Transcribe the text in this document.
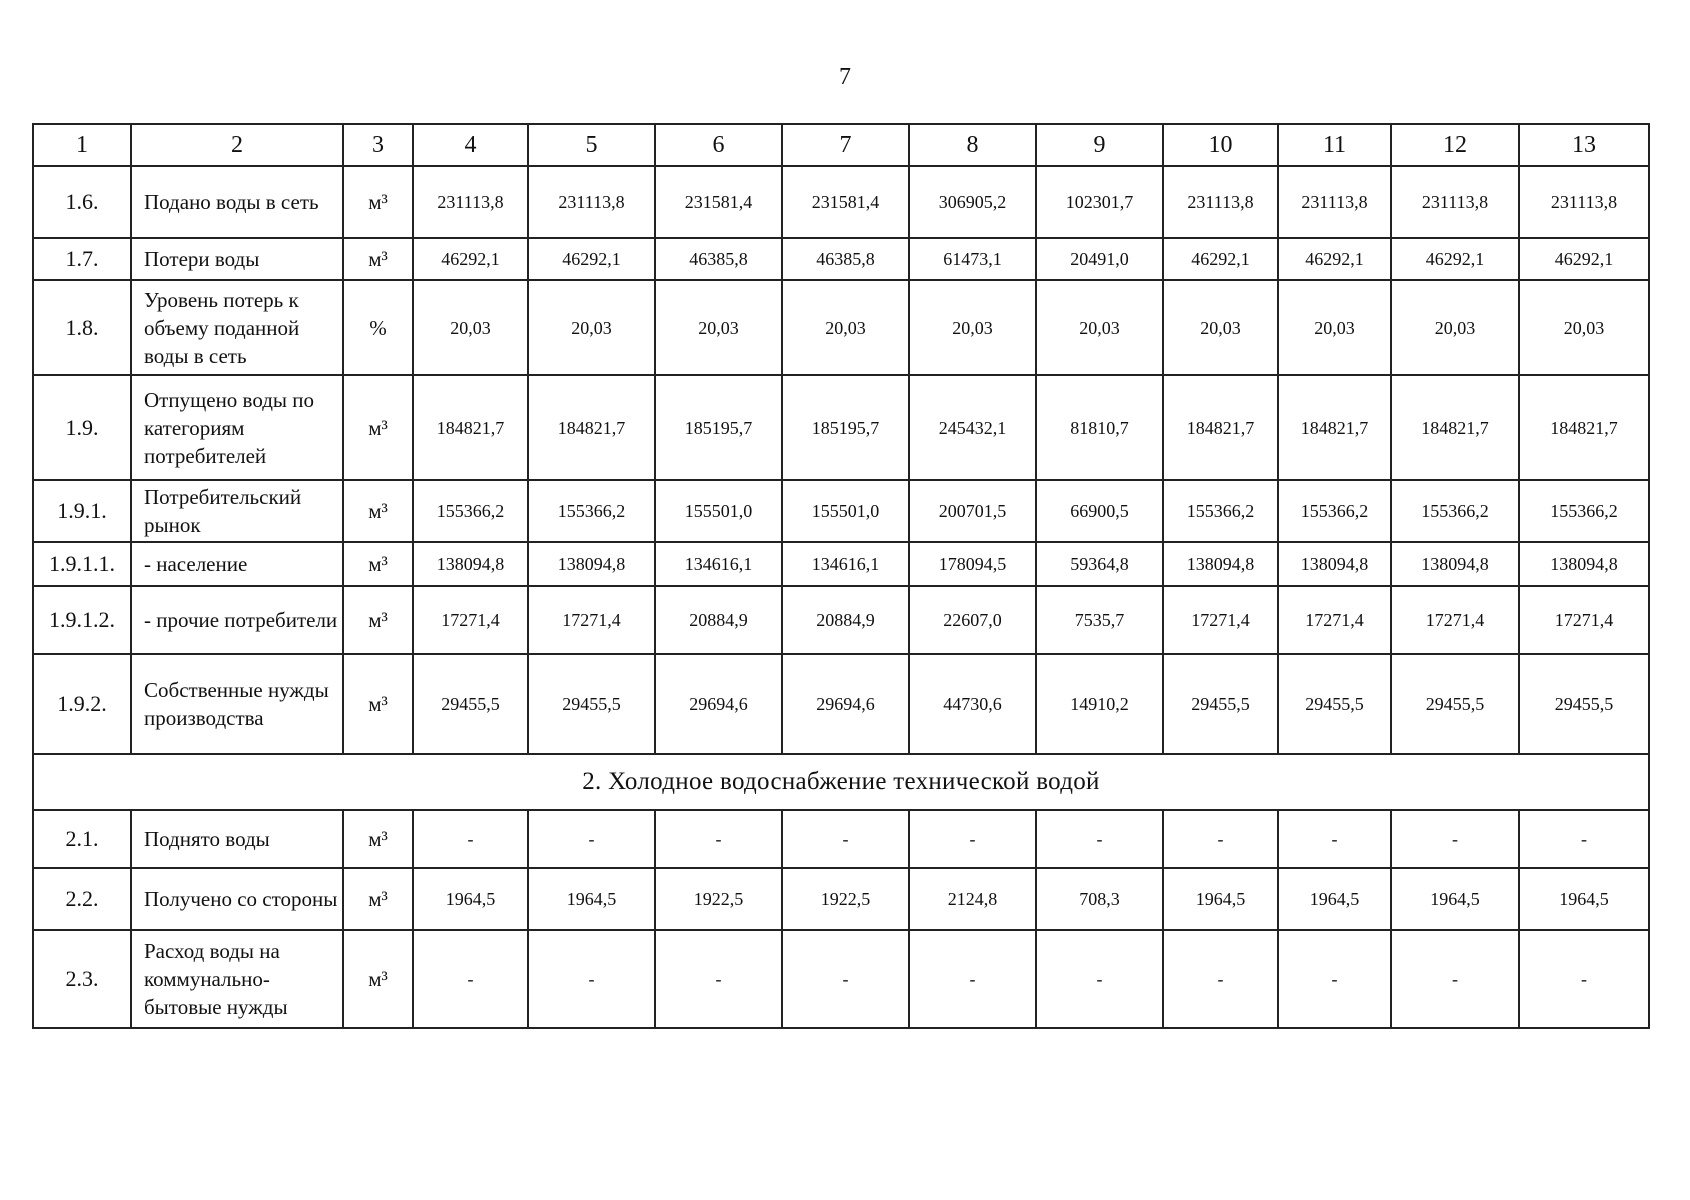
7
1	2	3	4	5	6	7	8	9	10	11	12	13
1.6.	Подано воды в сеть	м³	231113,8	231113,8	231581,4	231581,4	306905,2	102301,7	231113,8	231113,8	231113,8	231113,8
1.7.	Потери воды	м³	46292,1	46292,1	46385,8	46385,8	61473,1	20491,0	46292,1	46292,1	46292,1	46292,1
1.8.	Уровень потерь к объему поданной воды в сеть	%	20,03	20,03	20,03	20,03	20,03	20,03	20,03	20,03	20,03	20,03
1.9.	Отпущено воды по категориям потребителей	м³	184821,7	184821,7	185195,7	185195,7	245432,1	81810,7	184821,7	184821,7	184821,7	184821,7
1.9.1.	Потребительский рынок	м³	155366,2	155366,2	155501,0	155501,0	200701,5	66900,5	155366,2	155366,2	155366,2	155366,2
1.9.1.1.	- население	м³	138094,8	138094,8	134616,1	134616,1	178094,5	59364,8	138094,8	138094,8	138094,8	138094,8
1.9.1.2.	- прочие потребители	м³	17271,4	17271,4	20884,9	20884,9	22607,0	7535,7	17271,4	17271,4	17271,4	17271,4
1.9.2.	Собственные нужды производства	м³	29455,5	29455,5	29694,6	29694,6	44730,6	14910,2	29455,5	29455,5	29455,5	29455,5
2. Холодное водоснабжение технической водой												
2.1.	Поднято воды	м³	-	-	-	-	-	-	-	-	-	-
2.2.	Получено со стороны	м³	1964,5	1964,5	1922,5	1922,5	2124,8	708,3	1964,5	1964,5	1964,5	1964,5
2.3.	Расход воды на коммунально-бытовые нужды	м³	-	-	-	-	-	-	-	-	-	-
